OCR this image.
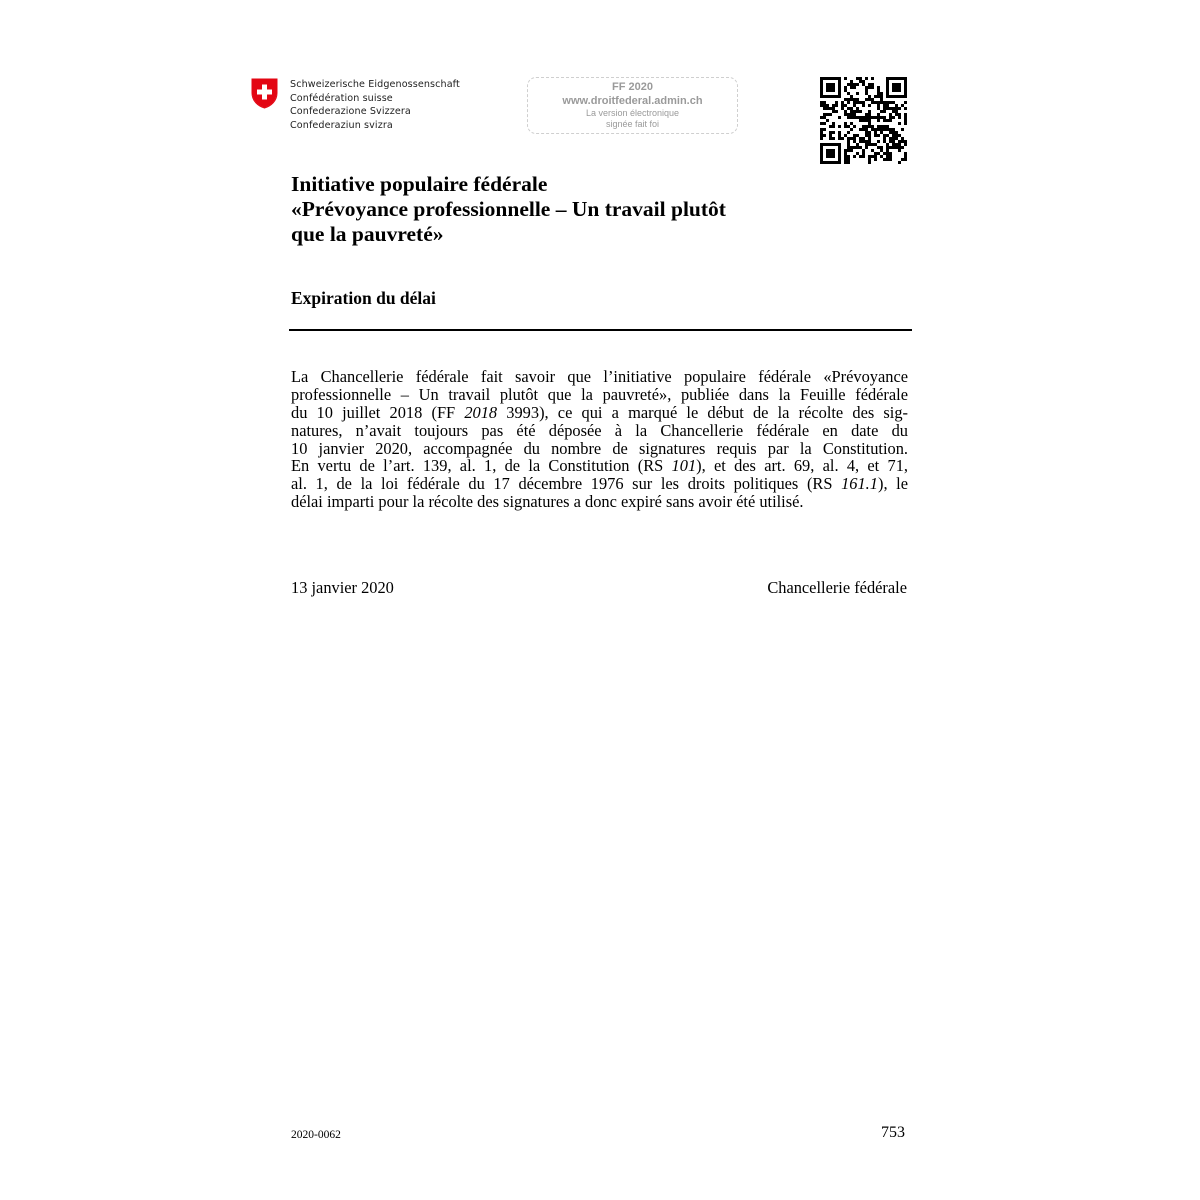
Schweizerische Eidgenossenschaft
Confédération suisse
Confederazione Svizzera
Confederaziun svizra
FF 2020
www.droitfederal.admin.ch
La version électronique
signée fait foi
Initiative populaire fédérale
«Prévoyance professionnelle – Un travail plutôt
que la pauvreté»
Expiration du délai
La Chancellerie fédérale fait savoir que l’initiative populaire fédérale «Prévoyance
professionnelle – Un travail plutôt que la pauvreté», publiée dans la Feuille fédérale
du 10 juillet 2018 (FF 2018 3993), ce qui a marqué le début de la récolte des sig-
natures, n’avait toujours pas été déposée à la Chancellerie fédérale en date du
10 janvier 2020, accompagnée du nombre de signatures requis par la Constitution.
En vertu de l’art. 139, al. 1, de la Constitution (RS 101), et des art. 69, al. 4, et 71,
al. 1, de la loi fédérale du 17 décembre 1976 sur les droits politiques (RS 161.1), le
délai imparti pour la récolte des signatures a donc expiré sans avoir été utilisé.
13 janvier 2020	Chancellerie fédérale
2020-0062	753
